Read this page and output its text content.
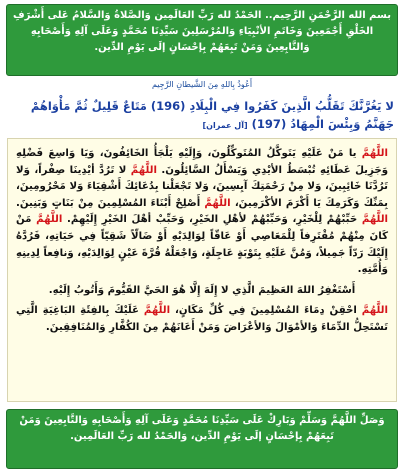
بسم الله الرَّحْمَنِ الرَّحِيم.. الحَمْدُ لله رَبِّ العَالَمِين وَالصَّلاةُ وَالسَّلامُ عَلى أَشْرَفِ الخَلْقِ أَجْمَعِينَ وَخَاتَمِ الأنْبِيَاءِ وَالمُرْسَلِينَ سَيِّدِنَا مُحَمَّدٍ وَعَلَى آلِهِ وَأَصْحَابِهِ وَالتَّابِعِينَ وَمَنْ تَبِعَهُمْ بِإحْسَانٍ إلَى يَوْمِ الدِّين.
أَعُوذُ بِاللهِ مِنَ الشَّيطانِ الرَّجِيم
لا يَغُرَّنَّكَ تَقَلُّبُ الَّذِينَ كَفَرُوا فِي الْبِلَادِ (196) مَتَاعٌ قَلِيلٌ ثُمَّ مَأْوَاهُمْ جَهَنَّمُ وَبِئْسَ الْمِهَادُ (197) [آل عمران]

اللَّهُمَّ يا مَنْ عَلَيْهِ يَتَوكَّلُ المُتَوكِّلُونَ، وَإِلَيْهِ يَلْجَأُ الخَائِفُونَ، وَيَا وَاسِعَ فَضْلِهِ وَجَزِيلَ عَطَائِهِ تُبْسَطُ الأيْدِي وَيَسْأَلُ السَّائِلُونَ. اللَّهُمَّ لا تَرُدَّ أيْدِينَا صِفْراً، وَلا تَرُدَّنَا خَائِبِينَ، وَلا مِنْ رَحْمَتِكَ آيِسِينَ، وَلا تَجْعَلْنا بِدُعَائِكَ أَشْقِيَاءَ وَلا مَحْرُومِينَ، بِمَنِّكَ وَكَرَمِكَ يَا أَكْرَمَ الأكْرَمِينَ، اللَّهُمَّ أَصْلِحْ أَبْنَاءَ المُسْلِمِينَ مِنْ بَنَاتٍ وَبَنِينَ. اللَّهُمَّ حَبِّبْهُمْ لِلْخَيْرِ، وَحَبِّبْهُمْ لأهْلِ الخَيْرِ، وَحَبِّبْ أهْلَ الخَيْرِ إِلَيْهِمْ. اللَّهُمَّ مَنْ كَانَ مِنْهُمْ مُقْتَرِفاً لِلْمَعَاصِي أَوْ عَاقّاً لِوَالِدَيْهِ أَوْ ضَالّاً شَقِيّاً فِي حَيَاتِهِ، فَرُدَّهُ إِلَيْكَ رَدّاً جَمِيلاً، وَمُنَّ عَلَيْهِ بِتَوْبَةٍ عَاجِلَةٍ، وَاجْعَلْهُ قُرَّةَ عَيْنٍ لِوَالِدَيْهِ، وَنافِعاً لِدِينِهِ وَأُمَّتِهِ.

أَسْتَغْفِرُ اللهَ العَظِيمَ الَّذِي لا إِلَهَ إِلَّا هُوَ الحَيَّ القَيُّومَ وَأَتُوبُ إِلَيْهِ.

اللَّهُمَّ احْقِنْ دِمَاءَ المُسْلِمِينَ فِي كُلِّ مَكَانٍ، اللَّهُمَّ عَلَيْكَ بِالفِئَةِ البَاغِيَةِ الَّتِي تَسْتَحِلُّ الدِّمَاءَ وَالأمْوَالَ وَالأعْرَاضَ وَمَنْ أَعَانَهُمْ مِنَ الكُفَّارِ وَالمُنَافِقِينَ.

وَصَلِّ اللَّهُمَّ وَسَلِّمْ وَبَارِكْ عَلَى سَيِّدِنَا مُحَمَّدٍ وَعَلَى آلِهِ وَأَصْحَابِهِ وَالتَّابِعِينَ وَمَنْ تَبِعَهُمْ بِإحْسَانٍ إلَى يَوْمِ الدِّين، وَالحَمْدُ لله رَبِّ العَالَمِين.
